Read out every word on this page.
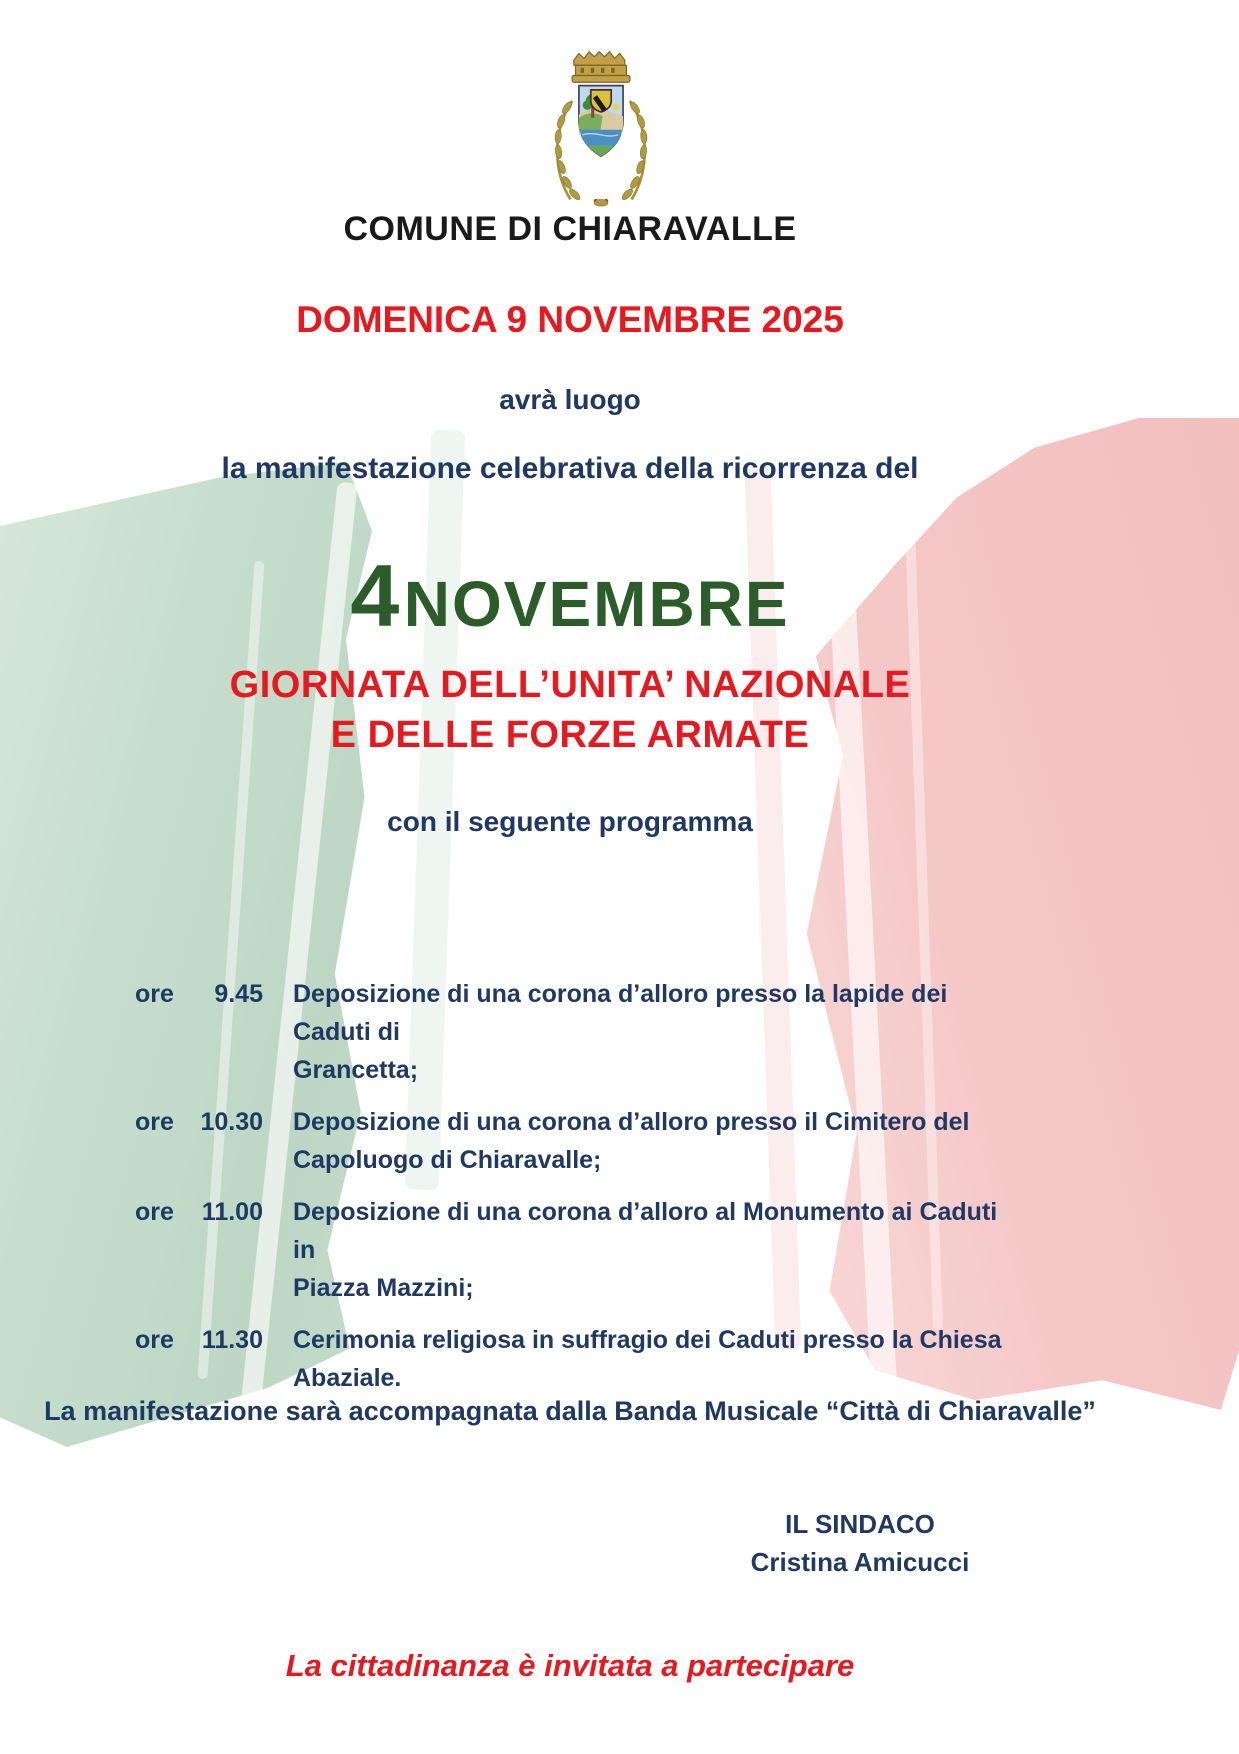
COMUNE DI CHIARAVALLE
DOMENICA 9 NOVEMBRE 2025
avrà luogo
la manifestazione celebrativa della ricorrenza del
4 NOVEMBRE
GIORNATA DELL’UNITA’ NAZIONALE
E DELLE FORZE ARMATE
con il seguente programma
ore	9.45 Deposizione di una corona d’alloro presso la lapide dei Caduti di
Grancetta;
ore	10.30 Deposizione di una corona d’alloro presso il Cimitero del
Capoluogo di Chiaravalle;
ore	11.00 Deposizione di una corona d’alloro al Monumento ai Caduti in
Piazza Mazzini;
ore	11.30 Cerimonia religiosa in suffragio dei Caduti presso la Chiesa
Abaziale.
La manifestazione sarà accompagnata dalla Banda Musicale “Città di Chiaravalle”
IL SINDACO
Cristina Amicucci
La cittadinanza è invitata a partecipare
